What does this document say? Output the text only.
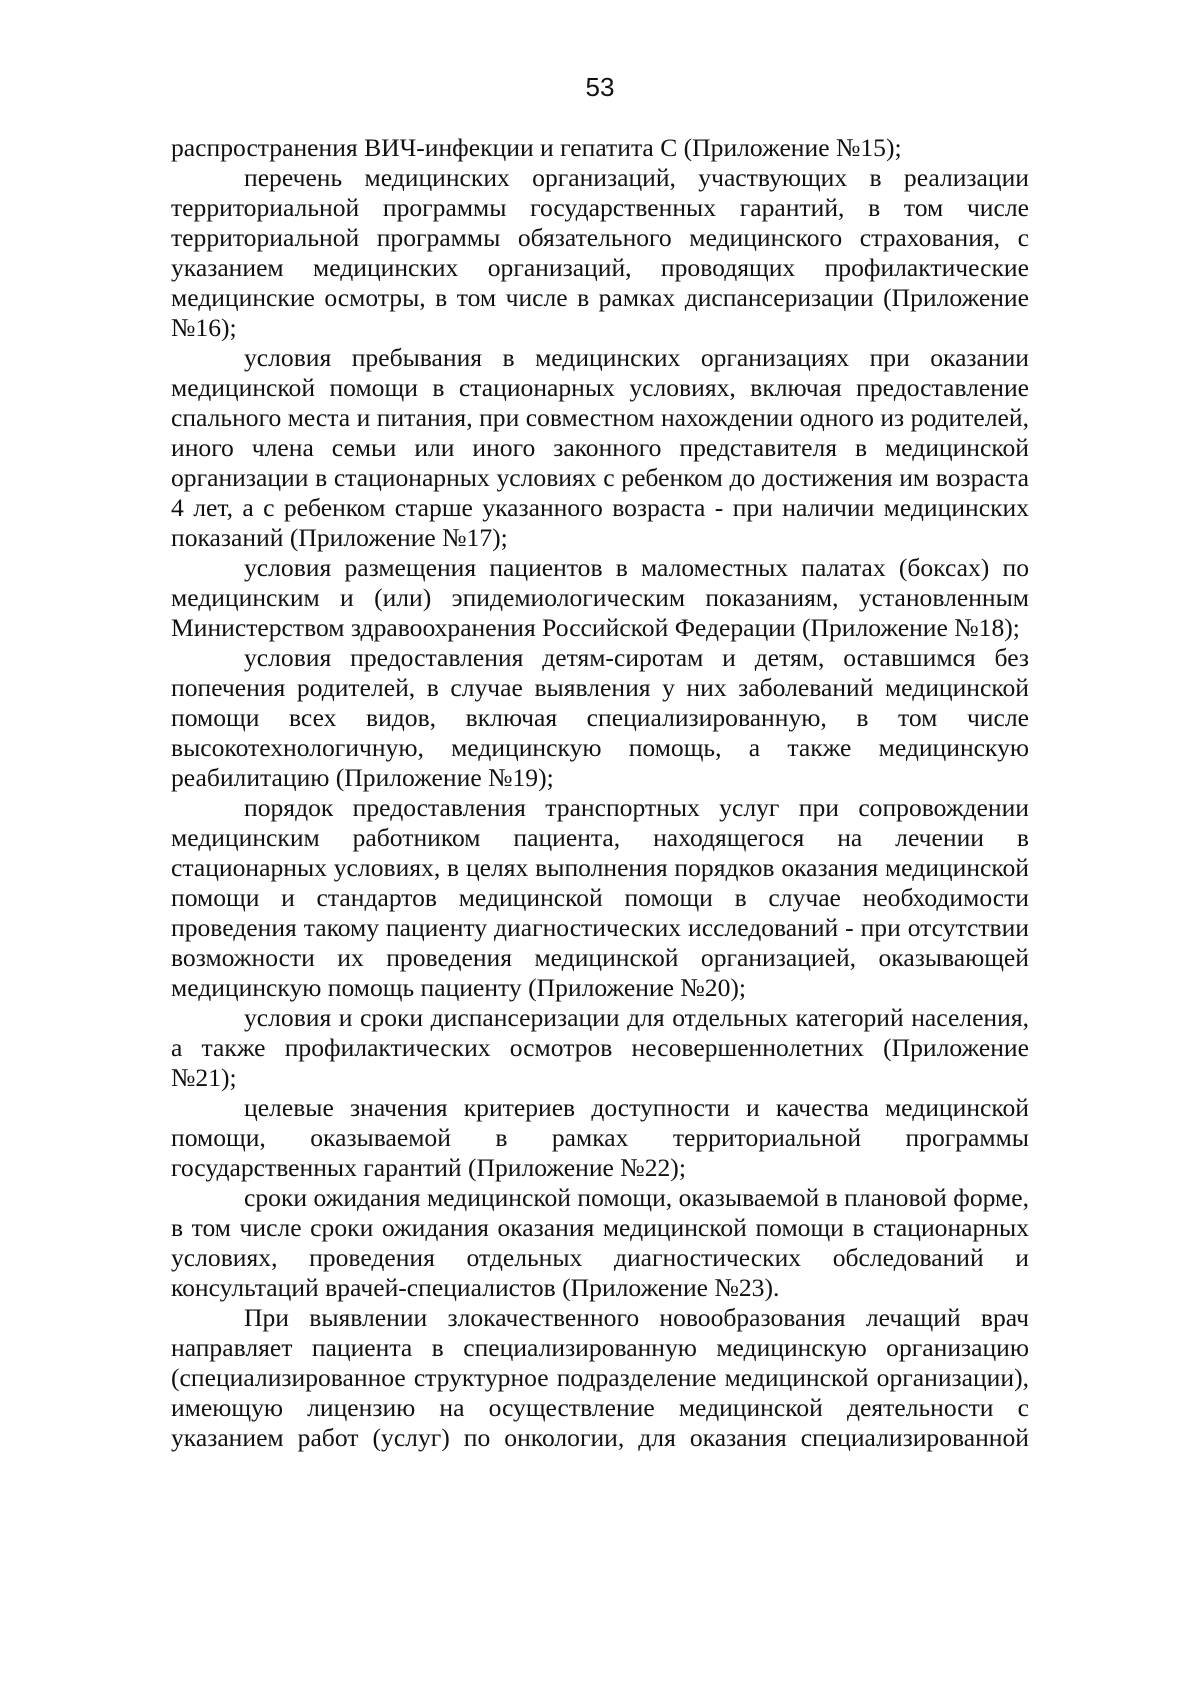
53

распространения ВИЧ-инфекции и гепатита С (Приложение №15);

перечень медицинских организаций, участвующих в реализации территориальной программы государственных гарантий, в том числе территориальной программы обязательного медицинского страхования, с указанием медицинских организаций, проводящих профилактические медицинские осмотры, в том числе в рамках диспансеризации (Приложение №16);

условия пребывания в медицинских организациях при оказании медицинской помощи в стационарных условиях, включая предоставление спального места и питания, при совместном нахождении одного из родителей, иного члена семьи или иного законного представителя в медицинской организации в стационарных условиях с ребенком до достижения им возраста 4 лет, а с ребенком старше указанного возраста - при наличии медицинских показаний (Приложение №17);

условия размещения пациентов в маломестных палатах (боксах) по медицинским и (или) эпидемиологическим показаниям, установленным Министерством здравоохранения Российской Федерации (Приложение №18);

условия предоставления детям-сиротам и детям, оставшимся без попечения родителей, в случае выявления у них заболеваний медицинской помощи всех видов, включая специализированную, в том числе высокотехнологичную, медицинскую помощь, а также медицинскую реабилитацию (Приложение №19);

порядок предоставления транспортных услуг при сопровождении медицинским работником пациента, находящегося на лечении в стационарных условиях, в целях выполнения порядков оказания медицинской помощи и стандартов медицинской помощи в случае необходимости проведения такому пациенту диагностических исследований - при отсутствии возможности их проведения медицинской организацией, оказывающей медицинскую помощь пациенту (Приложение №20);

условия и сроки диспансеризации для отдельных категорий населения, а также профилактических осмотров несовершеннолетних (Приложение №21);

целевые значения критериев доступности и качества медицинской помощи, оказываемой в рамках территориальной программы государственных гарантий (Приложение №22);

сроки ожидания медицинской помощи, оказываемой в плановой форме, в том числе сроки ожидания оказания медицинской помощи в стационарных условиях, проведения отдельных диагностических обследований и консультаций врачей-специалистов (Приложение №23).

При выявлении злокачественного новообразования лечащий врач направляет пациента в специализированную медицинскую организацию (специализированное структурное подразделение медицинской организации), имеющую лицензию на осуществление медицинской деятельности с указанием работ (услуг) по онкологии, для оказания специализированной
